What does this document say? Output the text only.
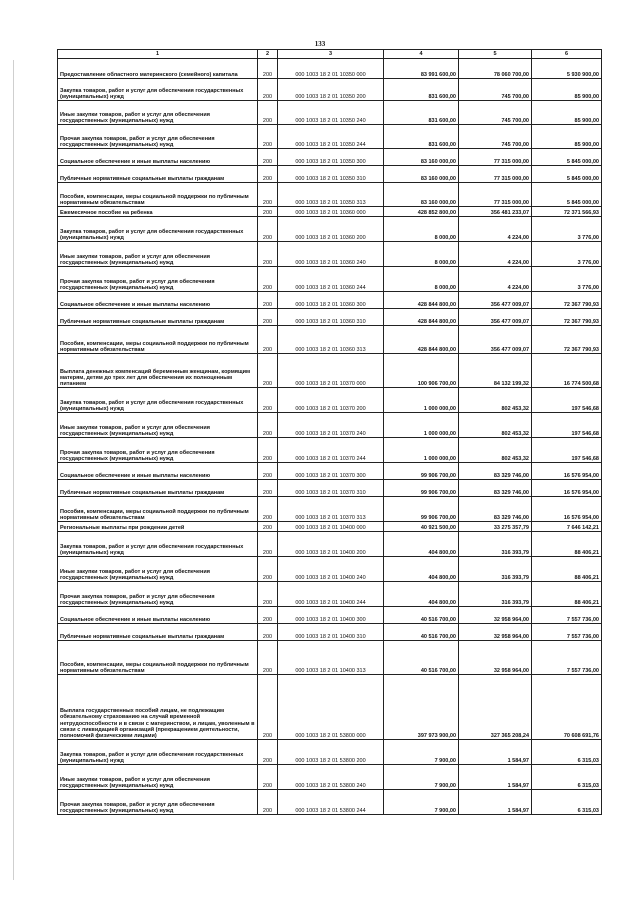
133
1	2	3	4	5	6
Предоставление областного материнского (семейного) капитала	200	000 1003 18 2 01 10350 000	83 991 600,00	78 060 700,00	5 930 900,00
Закупка товаров, работ и услуг для обеспечения государственных (муниципальных) нужд	200	000 1003 18 2 01 10350 200	831 600,00	745 700,00	85 900,00
Иные закупки товаров, работ и услуг для обеспечения государственных (муниципальных) нужд	200	000 1003 18 2 01 10350 240	831 600,00	745 700,00	85 900,00
Прочая закупка товаров, работ и услуг для обеспечения государственных (муниципальных) нужд	200	000 1003 18 2 01 10350 244	831 600,00	745 700,00	85 900,00
Социальное обеспечение и иные выплаты населению	200	000 1003 18 2 01 10350 300	83 160 000,00	77 315 000,00	5 845 000,00
Публичные нормативные социальные выплаты гражданам	200	000 1003 18 2 01 10350 310	83 160 000,00	77 315 000,00	5 845 000,00
Пособия, компенсации, меры социальной поддержки по публичным нормативным обязательствам	200	000 1003 18 2 01 10350 313	83 160 000,00	77 315 000,00	5 845 000,00
Ежемесячное пособие на ребенка	200	000 1003 18 2 01 10360 000	428 852 800,00	356 481 233,07	72 371 566,93
Закупка товаров, работ и услуг для обеспечения государственных (муниципальных) нужд	200	000 1003 18 2 01 10360 200	8 000,00	4 224,00	3 776,00
Иные закупки товаров, работ и услуг для обеспечения государственных (муниципальных) нужд	200	000 1003 18 2 01 10360 240	8 000,00	4 224,00	3 776,00
Прочая закупка товаров, работ и услуг для обеспечения государственных (муниципальных) нужд	200	000 1003 18 2 01 10360 244	8 000,00	4 224,00	3 776,00
Социальное обеспечение и иные выплаты населению	200	000 1003 18 2 01 10360 300	428 844 800,00	356 477 009,07	72 367 790,93
Публичные нормативные социальные выплаты гражданам	200	000 1003 18 2 01 10360 310	428 844 800,00	356 477 009,07	72 367 790,93
Пособия, компенсации, меры социальной поддержки по публичным нормативным обязательствам	200	000 1003 18 2 01 10360 313	428 844 800,00	356 477 009,07	72 367 790,93
Выплата денежных компенсаций беременным женщинам, кормящим матерям, детям до трех лет для обеспечения их полноценным питанием	200	000 1003 18 2 01 10370 000	100 906 700,00	84 132 199,32	16 774 500,68
Закупка товаров, работ и услуг для обеспечения государственных (муниципальных) нужд	200	000 1003 18 2 01 10370 200	1 000 000,00	802 453,32	197 546,68
Иные закупки товаров, работ и услуг для обеспечения государственных (муниципальных) нужд	200	000 1003 18 2 01 10370 240	1 000 000,00	802 453,32	197 546,68
Прочая закупка товаров, работ и услуг для обеспечения государственных (муниципальных) нужд	200	000 1003 18 2 01 10370 244	1 000 000,00	802 453,32	197 546,68
Социальное обеспечение и иные выплаты населению	200	000 1003 18 2 01 10370 300	99 906 700,00	83 329 746,00	16 576 954,00
Публичные нормативные социальные выплаты гражданам	200	000 1003 18 2 01 10370 310	99 906 700,00	83 329 746,00	16 576 954,00
Пособия, компенсации, меры социальной поддержки по публичным нормативным обязательствам	200	000 1003 18 2 01 10370 313	99 906 700,00	83 329 746,00	16 576 954,00
Региональные выплаты при рождении детей	200	000 1003 18 2 01 10400 000	40 921 500,00	33 275 357,79	7 646 142,21
Закупка товаров, работ и услуг для обеспечения государственных (муниципальных) нужд	200	000 1003 18 2 01 10400 200	404 800,00	316 393,79	88 406,21
Иные закупки товаров, работ и услуг для обеспечения государственных (муниципальных) нужд	200	000 1003 18 2 01 10400 240	404 800,00	316 393,79	88 406,21
Прочая закупка товаров, работ и услуг для обеспечения государственных (муниципальных) нужд	200	000 1003 18 2 01 10400 244	404 800,00	316 393,79	88 406,21
Социальное обеспечение и иные выплаты населению	200	000 1003 18 2 01 10400 300	40 516 700,00	32 958 964,00	7 557 736,00
Публичные нормативные социальные выплаты гражданам	200	000 1003 18 2 01 10400 310	40 516 700,00	32 958 964,00	7 557 736,00
Пособия, компенсации, меры социальной поддержки по публичным нормативным обязательствам	200	000 1003 18 2 01 10400 313	40 516 700,00	32 958 964,00	7 557 736,00
Выплата государственных пособий лицам, не подлежащим обязательному страхованию на случай временной нетрудоспособности и в связи с материнством, и лицам, уволенным в связи с ликвидацией организаций (прекращением деятельности, полномочий физическими лицами)	200	000 1003 18 2 01 53800 000	397 973 900,00	327 365 208,24	70 608 691,76
Закупка товаров, работ и услуг для обеспечения государственных (муниципальных) нужд	200	000 1003 18 2 01 53800 200	7 900,00	1 584,97	6 315,03
Иные закупки товаров, работ и услуг для обеспечения государственных (муниципальных) нужд	200	000 1003 18 2 01 53800 240	7 900,00	1 584,97	6 315,03
Прочая закупка товаров, работ и услуг для обеспечения государственных (муниципальных) нужд	200	000 1003 18 2 01 53800 244	7 900,00	1 584,97	6 315,03
